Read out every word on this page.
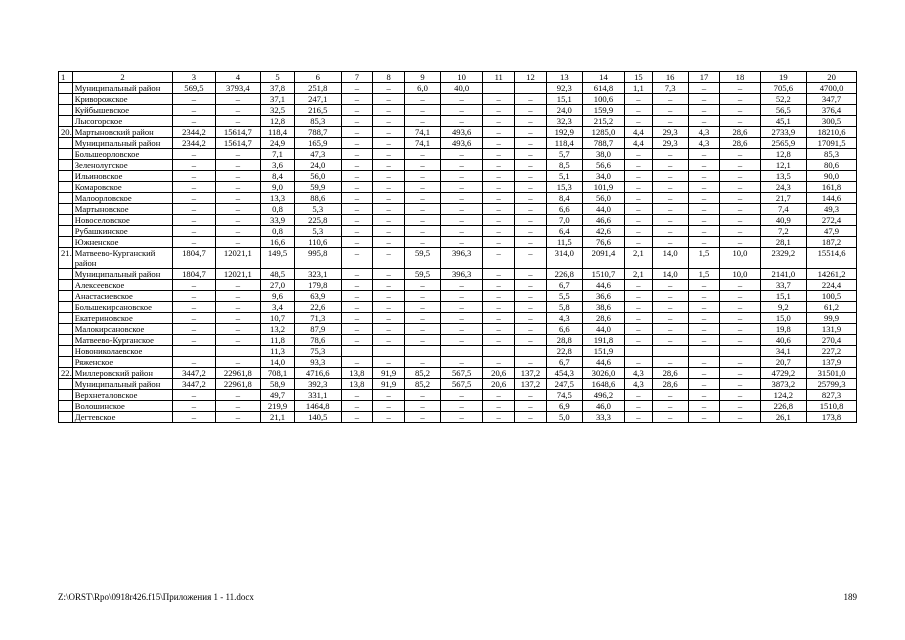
1	2	3	4	5	6	7	8	9	10	11	12	13	14	15	16	17	18	19	20
	Муниципальный район	569,5	3793,4	37,8	251,8	–	–	6,0	40,0			92,3	614,8	1,1	7,3	–	–	705,6	4700,0
	Криворожское	–	–	37,1	247,1	–	–	–	–	–	–	15,1	100,6	–	–	–	–	52,2	347,7
	Куйбышевское	–	–	32,5	216,5	–	–	–	–	–	–	24,0	159,9	–	–	–	–	56,5	376,4
	Лысогорское	–	–	12,8	85,3	–	–	–	–	–	–	32,3	215,2	–	–	–	–	45,1	300,5
20.	Мартыновский район	2344,2	15614,7	118,4	788,7	–	–	74,1	493,6	–	–	192,9	1285,0	4,4	29,3	4,3	28,6	2733,9	18210,6
	Муниципальный район	2344,2	15614,7	24,9	165,9	–	–	74,1	493,6	–	–	118,4	788,7	4,4	29,3	4,3	28,6	2565,9	17091,5
	Большеорловское	–	–	7,1	47,3	–	–	–	–	–	–	5,7	38,0	–	–	–	–	12,8	85,3
	Зеленолугское	–	–	3,6	24,0	–	–	–	–	–	–	8,5	56,6	–	–	–	–	12,1	80,6
	Ильиновское	–	–	8,4	56,0	–	–	–	–	–	–	5,1	34,0	–	–	–	–	13,5	90,0
	Комаровское	–	–	9,0	59,9	–	–	–	–	–	–	15,3	101,9	–	–	–	–	24,3	161,8
	Малоорловское	–	–	13,3	88,6	–	–	–	–	–	–	8,4	56,0	–	–	–	–	21,7	144,6
	Мартыновское	–	–	0,8	5,3	–	–	–	–	–	–	6,6	44,0	–	–	–	–	7,4	49,3
	Новоселовское	–	–	33,9	225,8	–	–	–	–	–	–	7,0	46,6	–	–	–	–	40,9	272,4
	Рубашкинское	–	–	0,8	5,3	–	–	–	–	–	–	6,4	42,6	–	–	–	–	7,2	47,9
	Южненское	–	–	16,6	110,6	–	–	–	–	–	–	11,5	76,6	–	–	–	–	28,1	187,2
21.	Матвеево-Курганский район	1804,7	12021,1	149,5	995,8	–	–	59,5	396,3	–	–	314,0	2091,4	2,1	14,0	1,5	10,0	2329,2	15514,6
	Муниципальный район	1804,7	12021,1	48,5	323,1	–	–	59,5	396,3	–	–	226,8	1510,7	2,1	14,0	1,5	10,0	2141,0	14261,2
	Алексеевское	–	–	27,0	179,8	–	–	–	–	–	–	6,7	44,6	–	–	–	–	33,7	224,4
	Анастасиевское	–	–	9,6	63,9	–	–	–	–	–	–	5,5	36,6	–	–	–	–	15,1	100,5
	Большекирсановское	–	–	3,4	22,6	–	–	–	–	–	–	5,8	38,6	–	–	–	–	9,2	61,2
	Екатериновское	–	–	10,7	71,3	–	–	–	–	–	–	4,3	28,6	–	–	–	–	15,0	99,9
	Малокирсановское	–	–	13,2	87,9	–	–	–	–	–	–	6,6	44,0	–	–	–	–	19,8	131,9
	Матвеево-Курганское	–	–	11,8	78,6	–	–	–	–	–	–	28,8	191,8	–	–	–	–	40,6	270,4
	Новониколаевское			11,3	75,3							22,8	151,9					34,1	227,2
	Ряженское	–	–	14,0	93,3	–	–	–	–	–	–	6,7	44,6	–	–	–	–	20,7	137,9
22.	Миллеровский район	3447,2	22961,8	708,1	4716,6	13,8	91,9	85,2	567,5	20,6	137,2	454,3	3026,0	4,3	28,6	–	–	4729,2	31501,0
	Муниципальный район	3447,2	22961,8	58,9	392,3	13,8	91,9	85,2	567,5	20,6	137,2	247,5	1648,6	4,3	28,6	–	–	3873,2	25799,3
	Верхнеталовское	–	–	49,7	331,1	–	–	–	–	–	–	74,5	496,2	–	–	–	–	124,2	827,3
	Волошинское	–	–	219,9	1464,8	–	–	–	–	–	–	6,9	46,0	–	–	–	–	226,8	1510,8
	Дегтевское	–	–	21,1	140,5	–	–	–	–	–	–	5,0	33,3	–	–	–	–	26,1	173,8
Z:\ORST\Rpo\0918r426.f15\Приложения 1 - 11.docx	189
